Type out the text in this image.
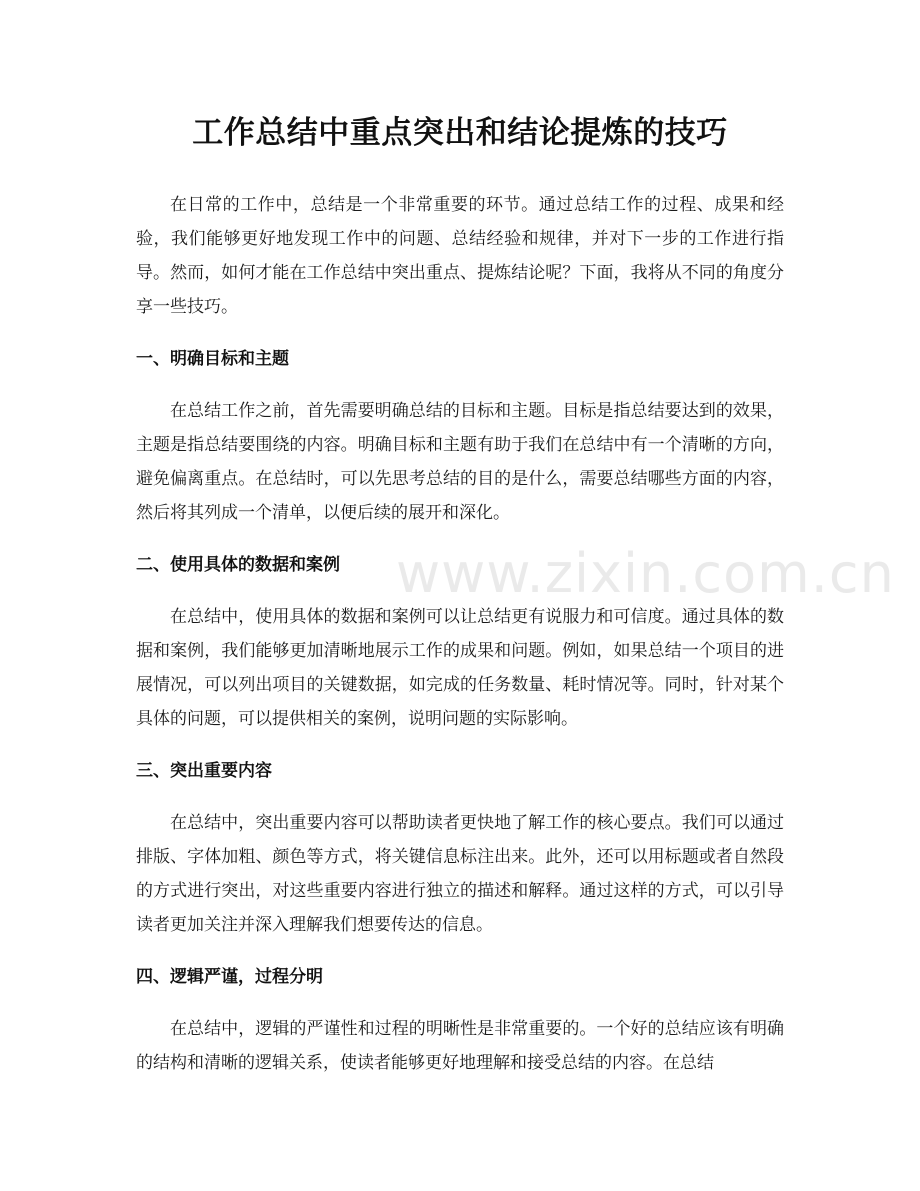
工作总结中重点突出和结论提炼的技巧

在日常的工作中，总结是一个非常重要的环节。通过总结工作的过程、成果和经验，我们能够更好地发现工作中的问题、总结经验和规律，并对下一步的工作进行指导。然而，如何才能在工作总结中突出重点、提炼结论呢？下面，我将从不同的角度分享一些技巧。

一、明确目标和主题

在总结工作之前，首先需要明确总结的目标和主题。目标是指总结要达到的效果，主题是指总结要围绕的内容。明确目标和主题有助于我们在总结中有一个清晰的方向，避免偏离重点。在总结时，可以先思考总结的目的是什么，需要总结哪些方面的内容，然后将其列成一个清单，以便后续的展开和深化。

二、使用具体的数据和案例

在总结中，使用具体的数据和案例可以让总结更有说服力和可信度。通过具体的数据和案例，我们能够更加清晰地展示工作的成果和问题。例如，如果总结一个项目的进展情况，可以列出项目的关键数据，如完成的任务数量、耗时情况等。同时，针对某个具体的问题，可以提供相关的案例，说明问题的实际影响。

三、突出重要内容

在总结中，突出重要内容可以帮助读者更快地了解工作的核心要点。我们可以通过排版、字体加粗、颜色等方式，将关键信息标注出来。此外，还可以用标题或者自然段的方式进行突出，对这些重要内容进行独立的描述和解释。通过这样的方式，可以引导读者更加关注并深入理解我们想要传达的信息。

四、逻辑严谨，过程分明

在总结中，逻辑的严谨性和过程的明晰性是非常重要的。一个好的总结应该有明确的结构和清晰的逻辑关系，使读者能够更好地理解和接受总结的内容。在总结

www.zixin.com.cn
